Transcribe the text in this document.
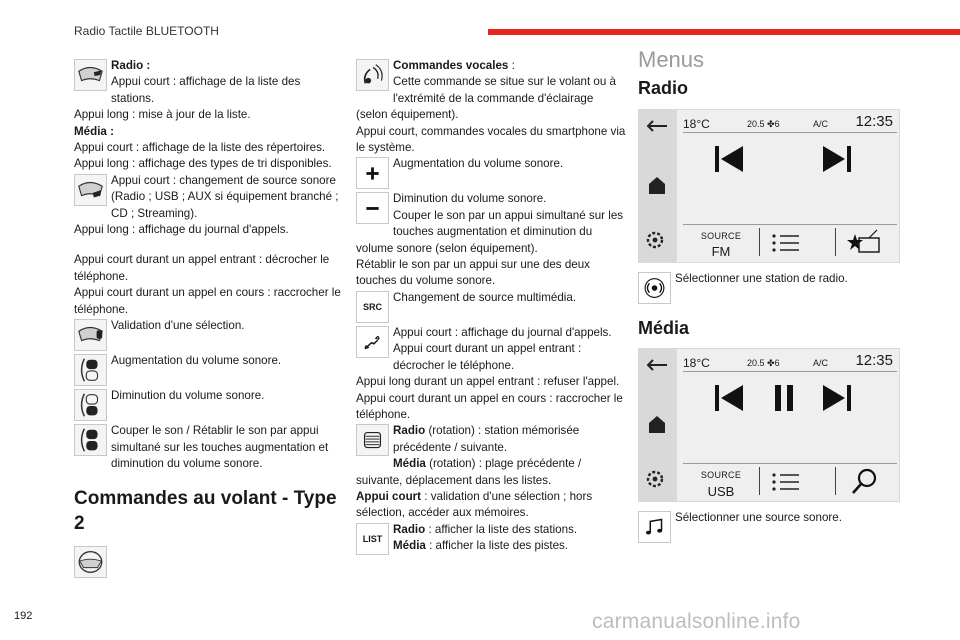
Radio Tactile BLUETOOTH
Radio :
Appui court : affichage de la liste des stations.
Appui long : mise à jour de la liste.
Média :
Appui court : affichage de la liste des répertoires.
Appui long : affichage des types de tri disponibles.
Appui court : changement de source sonore (Radio ; USB ; AUX si équipement branché ; CD ; Streaming).
Appui long : affichage du journal d'appels.
Appui court durant un appel entrant : décrocher le téléphone.
Appui court durant un appel en cours : raccrocher le téléphone.
Validation d'une sélection.
Augmentation du volume sonore.
Diminution du volume sonore.
Couper le son / Rétablir le son par appui simultané sur les touches augmentation et diminution du volume sonore.
Commandes au volant - Type 2
Commandes vocales :
Cette commande se situe sur le volant ou à l'extrémité de la commande d'éclairage (selon équipement).
Appui court, commandes vocales du smartphone via le système.
Augmentation du volume sonore.
Diminution du volume sonore.
Couper le son par un appui simultané sur les touches augmentation et diminution du volume sonore (selon équipement).
Rétablir le son par un appui sur une des deux touches du volume sonore.
SRC
Changement de source multimédia.
Appui court : affichage du journal d'appels.
Appui court durant un appel entrant : décrocher le téléphone.
Appui long durant un appel entrant : refuser l'appel.
Appui court durant un appel en cours : raccrocher le téléphone.
Radio (rotation) : station mémorisée précédente / suivante.
Média (rotation) : plage précédente / suivante, déplacement dans les listes.
Appui court : validation d'une sélection ; hors sélection, accéder aux mémoires.
LIST
Radio : afficher la liste des stations.
Média : afficher la liste des pistes.
Menus
Radio
18°C	20.5 ✤6	A/C 12:35
SOURCE
FM
Sélectionner une station de radio.
Média
18°C	20.5 ✤6	A/C 12:35
SOURCE
USB
Sélectionner une source sonore.
192	carmanualsonline.info
